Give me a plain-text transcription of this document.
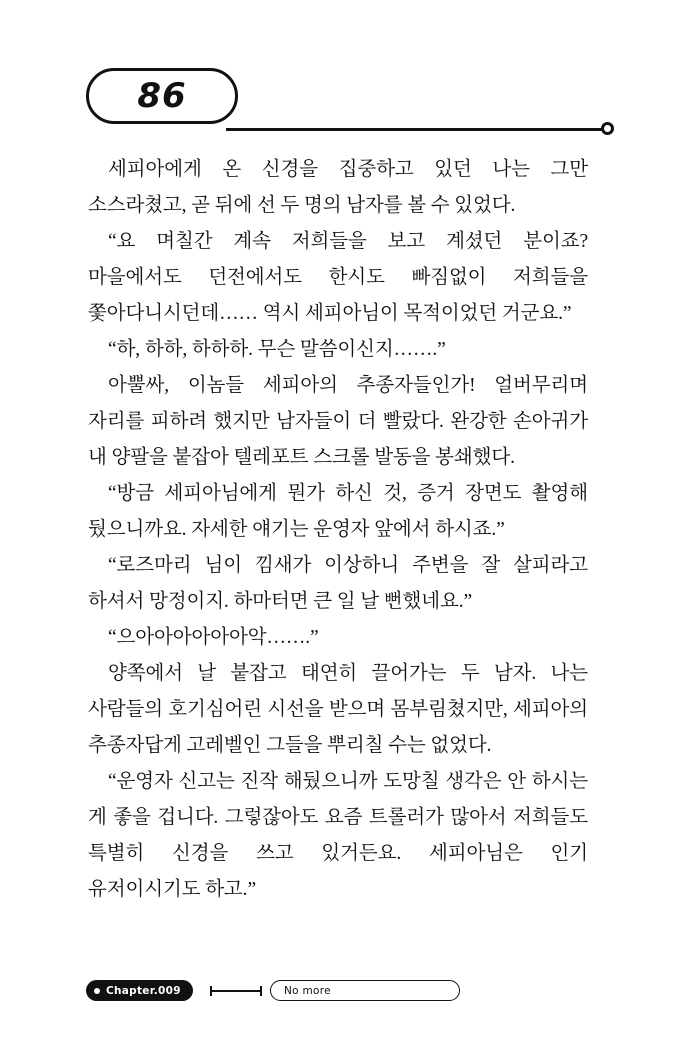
86

세피아에게 온 신경을 집중하고 있던 나는 그만 소스라쳤고, 곧 뒤에 선 두 명의 남자를 볼 수 있었다.

“요 며칠간 계속 저희들을 보고 계셨던 분이죠? 마을에서도 던전에서도 한시도 빠짐없이 저희들을 쫓아다니시던데…… 역시 세피아님이 목적이었던 거군요.”

“하, 하하, 하하하. 무슨 말씀이신지…….”

아뿔싸, 이놈들 세피아의 추종자들인가! 얼버무리며 자리를 피하려 했지만 남자들이 더 빨랐다. 완강한 손아귀가 내 양팔을 붙잡아 텔레포트 스크롤 발동을 봉쇄했다.

“방금 세피아님에게 뭔가 하신 것, 증거 장면도 촬영해 뒀으니까요. 자세한 얘기는 운영자 앞에서 하시죠.”

“로즈마리 님이 낌새가 이상하니 주변을 잘 살피라고 하셔서 망정이지. 하마터면 큰 일 날 뻔했네요.”

“으아아아아아아악…….”

양쪽에서 날 붙잡고 태연히 끌어가는 두 남자. 나는 사람들의 호기심어린 시선을 받으며 몸부림쳤지만, 세피아의 추종자답게 고레벨인 그들을 뿌리칠 수는 없었다.

“운영자 신고는 진작 해뒀으니까 도망칠 생각은 안 하시는 게 좋을 겁니다. 그렇잖아도 요즘 트롤러가 많아서 저희들도 특별히 신경을 쓰고 있거든요. 세피아님은 인기 유저이시기도 하고.”

Chapter.009	No more
